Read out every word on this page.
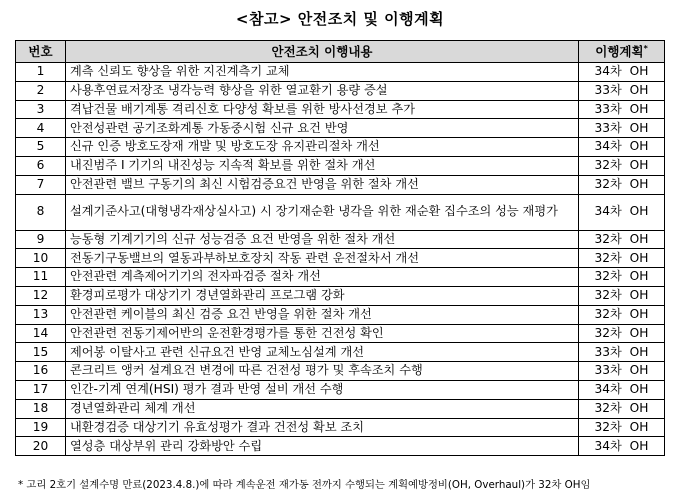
<참고> 안전조치 및 이행계획
번호	안전조치 이행내용	이행계획*
1	계측 신뢰도 향상을 위한 지진계측기 교체	34차 OH
2	사용후연료저장조 냉각능력 향상을 위한 열교환기 용량 증설	33차 OH
3	격납건물 배기계통 격리신호 다양성 확보를 위한 방사선경보 추가	33차 OH
4	안전성관련 공기조화계통 가동중시험 신규 요건 반영	33차 OH
5	신규 인증 방호도장재 개발 및 방호도장 유지관리절차 개선	34차 OH
6	내진범주 I 기기의 내진성능 지속적 확보를 위한 절차 개선	32차 OH
7	안전관련 밸브 구동기의 최신 시험검증요건 반영을 위한 절차 개선	32차 OH
8	설계기준사고(대형냉각재상실사고) 시 장기재순환 냉각을 위한 재순환 집수조의 성능 재평가	34차 OH
9	능동형 기계기기의 신규 성능검증 요건 반영을 위한 절차 개선	32차 OH
10	전동기구동밸브의 열동과부하보호장치 작동 관련 운전절차서 개선	32차 OH
11	안전관련 계측제어기기의 전자파검증 절차 개선	32차 OH
12	환경피로평가 대상기기 경년열화관리 프로그램 강화	32차 OH
13	안전관련 케이블의 최신 검증 요건 반영을 위한 절차 개선	32차 OH
14	안전관련 전동기제어반의 운전환경평가를 통한 건전성 확인	32차 OH
15	제어봉 이탈사고 관련 신규요건 반영 교체노심설계 개선	33차 OH
16	콘크리트 앵커 설계요건 변경에 따른 건전성 평가 및 후속조치 수행	33차 OH
17	인간-기계 연계(HSI) 평가 결과 반영 설비 개선 수행	34차 OH
18	경년열화관리 체계 개선	32차 OH
19	내환경검증 대상기기 유효성평가 결과 건전성 확보 조치	32차 OH
20	열성층 대상부위 관리 강화방안 수립	34차 OH
* 고리 2호기 설계수명 만료(2023.4.8.)에 따라 계속운전 재가동 전까지 수행되는 계획예방정비(OH, Overhaul)가 32차 OH임
